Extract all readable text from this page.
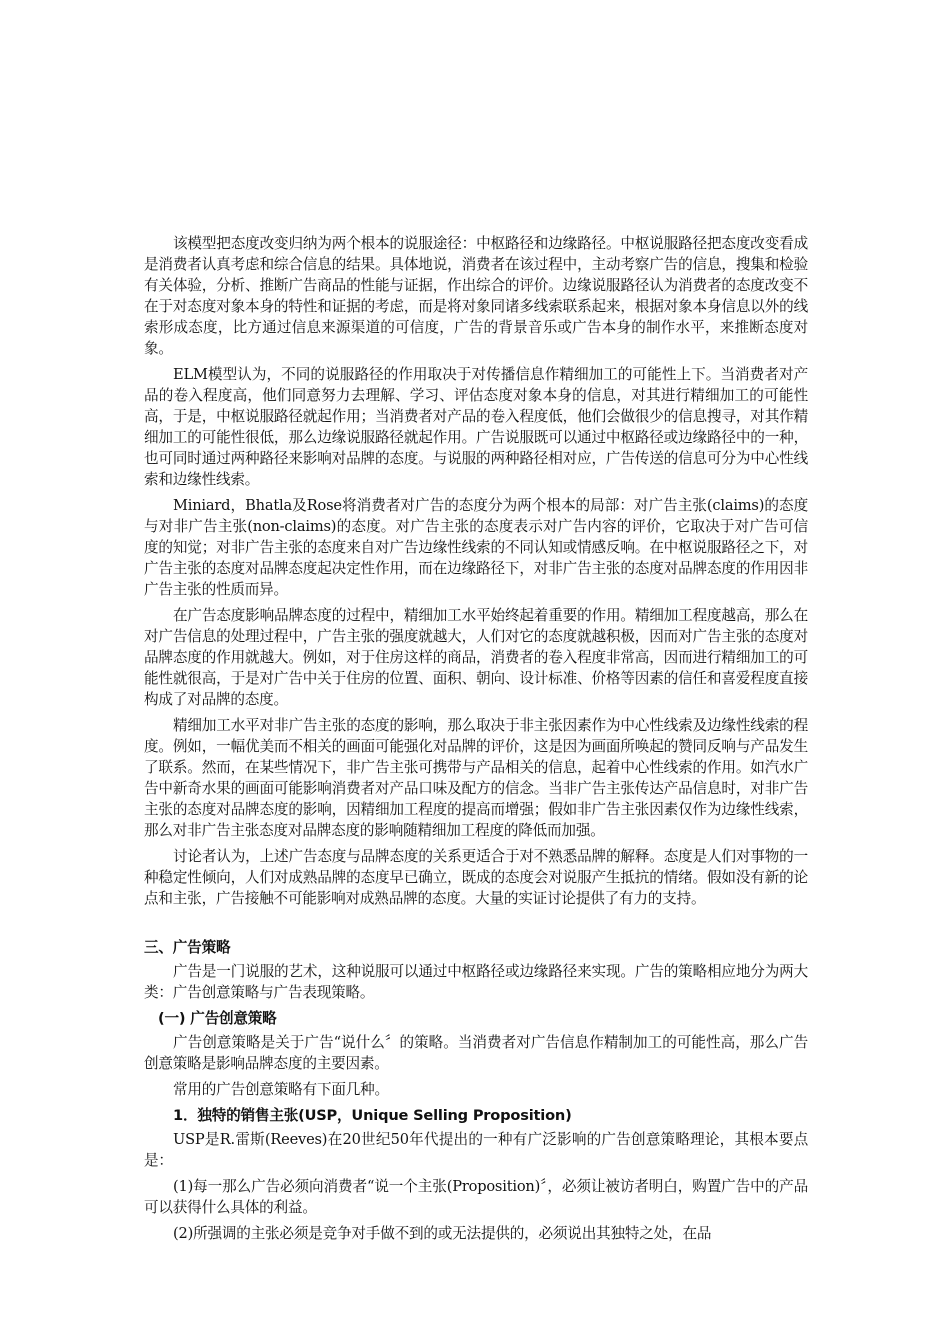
该模型把态度改变归纳为两个根本的说服途径：中枢路径和边缘路径。中枢说服路径把态度改变看成是消费者认真考虑和综合信息的结果。具体地说，消费者在该过程中，主动考察广告的信息，搜集和检验有关体验，分析、推断广告商品的性能与证据，作出综合的评价。边缘说服路径认为消费者的态度改变不在于对态度对象本身的特性和证据的考虑，而是将对象同诸多线索联系起来，根据对象本身信息以外的线索形成态度，比方通过信息来源渠道的可信度，广告的背景音乐或广告本身的制作水平，来推断态度对象。

ELM模型认为，不同的说服路径的作用取决于对传播信息作精细加工的可能性上下。当消费者对产品的卷入程度高，他们同意努力去理解、学习、评估态度对象本身的信息，对其进行精细加工的可能性高，于是，中枢说服路径就起作用；当消费者对产品的卷入程度低，他们会做很少的信息搜寻，对其作精细加工的可能性很低，那么边缘说服路径就起作用。广告说服既可以通过中枢路径或边缘路径中的一种，也可同时通过两种路径来影响对品牌的态度。与说服的两种路径相对应，广告传送的信息可分为中心性线索和边缘性线索。

Miniard，Bhatla及Rose将消费者对广告的态度分为两个根本的局部：对广告主张(claims)的态度与对非广告主张(non-claims)的态度。对广告主张的态度表示对广告内容的评价，它取决于对广告可信度的知觉；对非广告主张的态度来自对广告边缘性线索的不同认知或情感反响。在中枢说服路径之下，对广告主张的态度对品牌态度起决定性作用，而在边缘路径下，对非广告主张的态度对品牌态度的作用因非广告主张的性质而异。

在广告态度影响品牌态度的过程中，精细加工水平始终起着重要的作用。精细加工程度越高，那么在对广告信息的处理过程中，广告主张的强度就越大，人们对它的态度就越积极，因而对广告主张的态度对品牌态度的作用就越大。例如，对于住房这样的商品，消费者的卷入程度非常高，因而进行精细加工的可能性就很高，于是对广告中关于住房的位置、面积、朝向、设计标准、价格等因素的信任和喜爱程度直接构成了对品牌的态度。

精细加工水平对非广告主张的态度的影响，那么取决于非主张因素作为中心性线索及边缘性线索的程度。例如，一幅优美而不相关的画面可能强化对品牌的评价，这是因为画面所唤起的赞同反响与产品发生了联系。然而，在某些情况下，非广告主张可携带与产品相关的信息，起着中心性线索的作用。如汽水广告中新奇水果的画面可能影响消费者对产品口味及配方的信念。当非广告主张传达产品信息时，对非广告主张的态度对品牌态度的影响，因精细加工程度的提高而增强；假如非广告主张因素仅作为边缘性线索，那么对非广告主张态度对品牌态度的影响随精细加工程度的降低而加强。

讨论者认为，上述广告态度与品牌态度的关系更适合于对不熟悉品牌的解释。态度是人们对事物的一种稳定性倾向，人们对成熟品牌的态度早已确立，既成的态度会对说服产生抵抗的情绪。假如没有新的论点和主张，广告接触不可能影响对成熟品牌的态度。大量的实证讨论提供了有力的支持。

三、广告策略

广告是一门说服的艺术，这种说服可以通过中枢路径或边缘路径来实现。广告的策略相应地分为两大类：广告创意策略与广告表现策略。

(一) 广告创意策略

广告创意策略是关于广告“说什么〞的策略。当消费者对广告信息作精制加工的可能性高，那么广告创意策略是影响品牌态度的主要因素。

常用的广告创意策略有下面几种。

1．独特的销售主张(USP，Unique Selling Proposition)

USP是R.雷斯(Reeves)在20世纪50年代提出的一种有广泛影响的广告创意策略理论，其根本要点是：

(1)每一那么广告必须向消费者“说一个主张(Proposition)〞，必须让被访者明白，购置广告中的产品可以获得什么具体的利益。

(2)所强调的主张必须是竞争对手做不到的或无法提供的，必须说出其独特之处，在品
